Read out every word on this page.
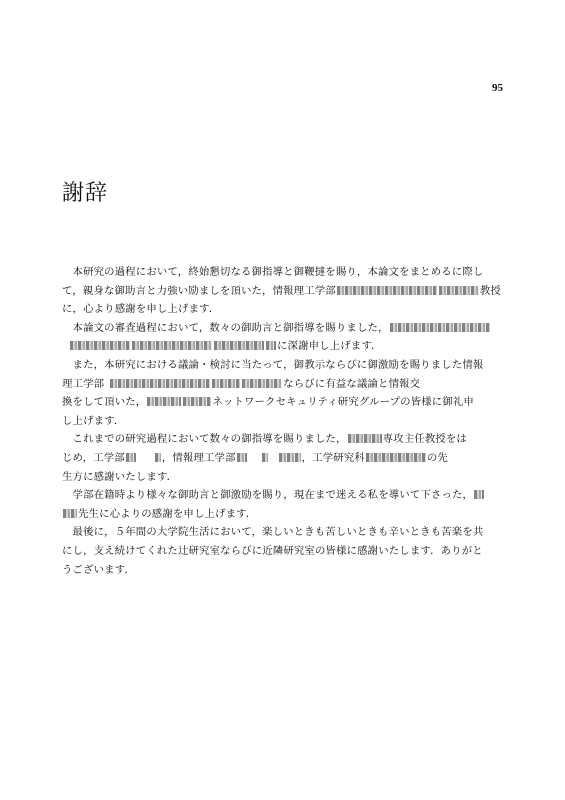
95
謝辞
　本研究の過程において，終始懇切なる御指導と御鞭撻を賜り，本論文をまとめるに際し
て，親身な御助言と力強い励ましを頂いた，情報理工学部	教授
に，心より感謝を申し上げます．
　本論文の審査過程において，数々の御助言と御指導を賜りました，
に深謝申し上げます．
　また，本研究における議論・検討に当たって，御教示ならびに御激励を賜りました情報
理工学部	ならびに有益な議論と情報交
換をして頂いた，	ネットワークセキュリティ研究グループの皆様に御礼申
し上げます．
　これまでの研究過程において数々の御指導を賜りました，	専攻主任教授をは
じめ，工学部	，情報理工学部	，工学研究科	の先
生方に感謝いたします．
　学部在籍時より様々な御助言と御激励を賜り，現在まで迷える私を導いて下さった，
先生に心よりの感謝を申し上げます．
　最後に，５年間の大学院生活において，楽しいときも苦しいときも辛いときも苦楽を共
にし，支え続けてくれた辻研究室ならびに近隣研究室の皆様に感謝いたします．ありがと
うございます．
